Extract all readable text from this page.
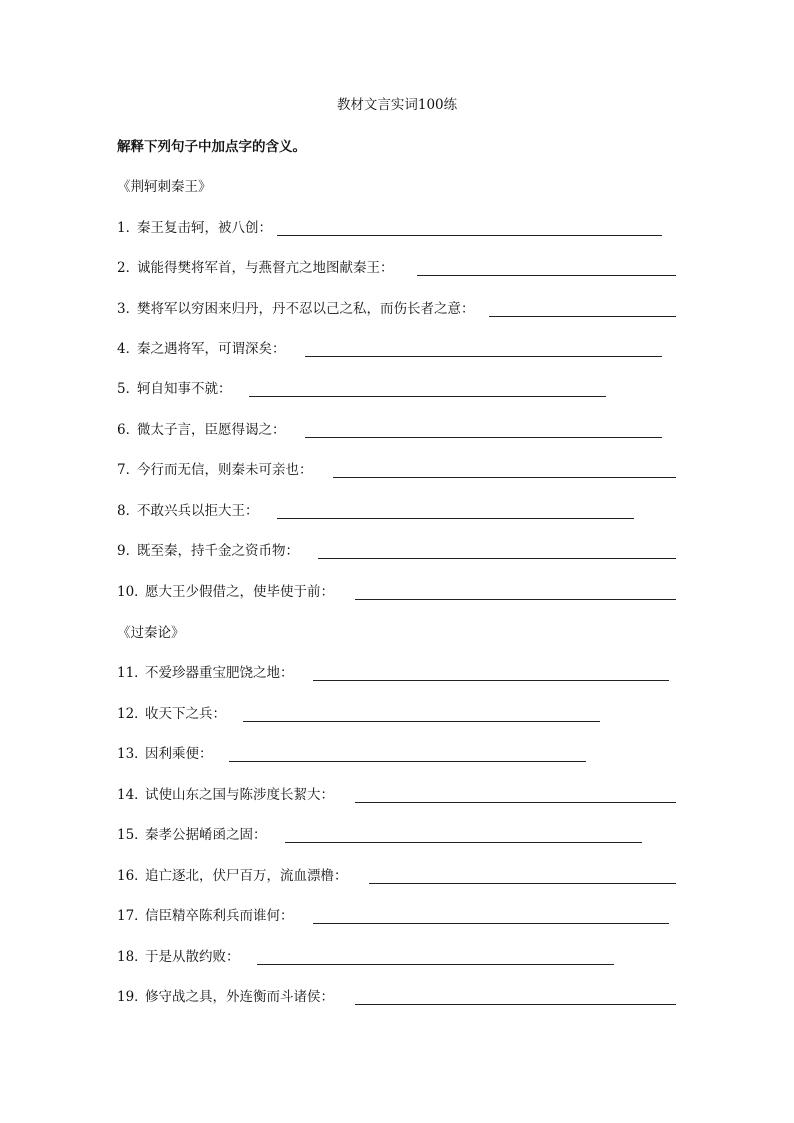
教材文言实词100练
解释下列句子中加点字的含义。
《荆轲刺秦王》
1．
秦王复击轲，被八创：
2．
诚能得樊将军首，与燕督亢之地图献秦王：
3．
樊将军以穷困来归丹，丹不忍以己之私，而伤长者之意：
4．
秦之遇将军，可谓深矣：
5．
轲自知事不就：
6．
微太子言，臣愿得谒之：
7．
今行而无信，则秦未可亲也：
8．
不敢兴兵以拒大王：
9．
既至秦，持千金之资币物：
10．
愿大王少假借之，使毕使于前：
《过秦论》
11．
不爱珍器重宝肥饶之地：
12．
收天下之兵：
13．
因利乘便：
14．
试使山东之国与陈涉度长絜大：
15．
秦孝公据崤函之固：
16．
追亡逐北，伏尸百万，流血漂橹：
17．
信臣精卒陈利兵而谁何：
18．
于是从散约败：
19．
修守战之具，外连衡而斗诸侯：
